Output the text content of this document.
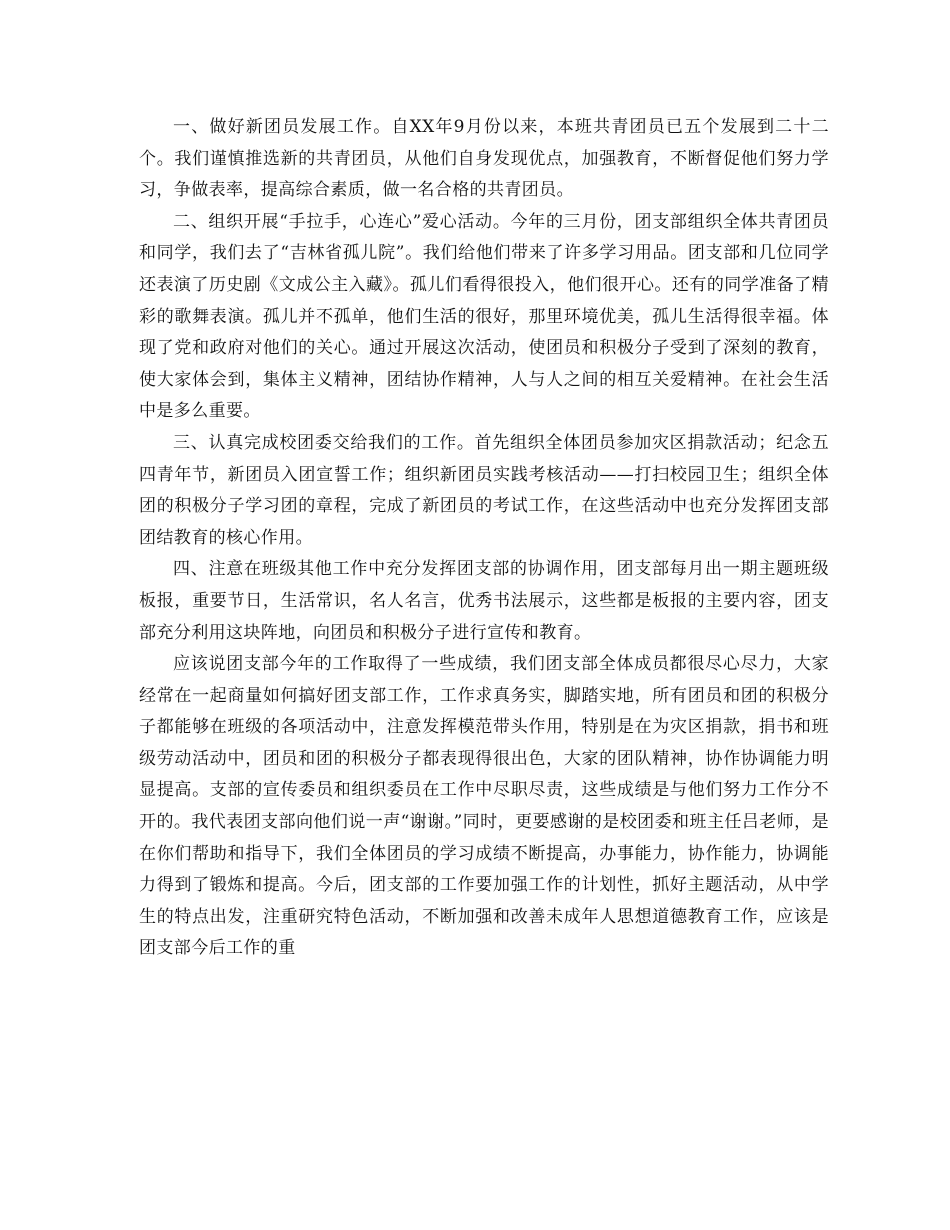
一、做好新团员发展工作。自XX年9月份以来，本班共青团员已五个发展到二十二个。我们谨慎推选新的共青团员，从他们自身发现优点，加强教育，不断督促他们努力学习，争做表率，提高综合素质，做一名合格的共青团员。

二、组织开展“手拉手，心连心”爱心活动。今年的三月份，团支部组织全体共青团员和同学，我们去了“吉林省孤儿院”。我们给他们带来了许多学习用品。团支部和几位同学还表演了历史剧《文成公主入藏》。孤儿们看得很投入，他们很开心。还有的同学准备了精彩的歌舞表演。孤儿并不孤单，他们生活的很好，那里环境优美，孤儿生活得很幸福。体现了党和政府对他们的关心。通过开展这次活动，使团员和积极分子受到了深刻的教育，使大家体会到，集体主义精神，团结协作精神，人与人之间的相互关爱精神。在社会生活中是多么重要。

三、认真完成校团委交给我们的工作。首先组织全体团员参加灾区捐款活动；纪念五四青年节，新团员入团宣誓工作；组织新团员实践考核活动——打扫校园卫生；组织全体团的积极分子学习团的章程，完成了新团员的考试工作，在这些活动中也充分发挥团支部团结教育的核心作用。

四、注意在班级其他工作中充分发挥团支部的协调作用，团支部每月出一期主题班级板报，重要节日，生活常识，名人名言，优秀书法展示，这些都是板报的主要内容，团支部充分利用这块阵地，向团员和积极分子进行宣传和教育。

应该说团支部今年的工作取得了一些成绩，我们团支部全体成员都很尽心尽力，大家经常在一起商量如何搞好团支部工作，工作求真务实，脚踏实地，所有团员和团的积极分子都能够在班级的各项活动中，注意发挥模范带头作用，特别是在为灾区捐款，捐书和班级劳动活动中，团员和团的积极分子都表现得很出色，大家的团队精神，协作协调能力明显提高。支部的宣传委员和组织委员在工作中尽职尽责，这些成绩是与他们努力工作分不开的。我代表团支部向他们说一声“谢谢。”同时，更要感谢的是校团委和班主任吕老师，是在你们帮助和指导下，我们全体团员的学习成绩不断提高，办事能力，协作能力，协调能力得到了锻炼和提高。今后，团支部的工作要加强工作的计划性，抓好主题活动，从中学生的特点出发，注重研究特色活动，不断加强和改善未成年人思想道德教育工作，应该是团支部今后工作的重
